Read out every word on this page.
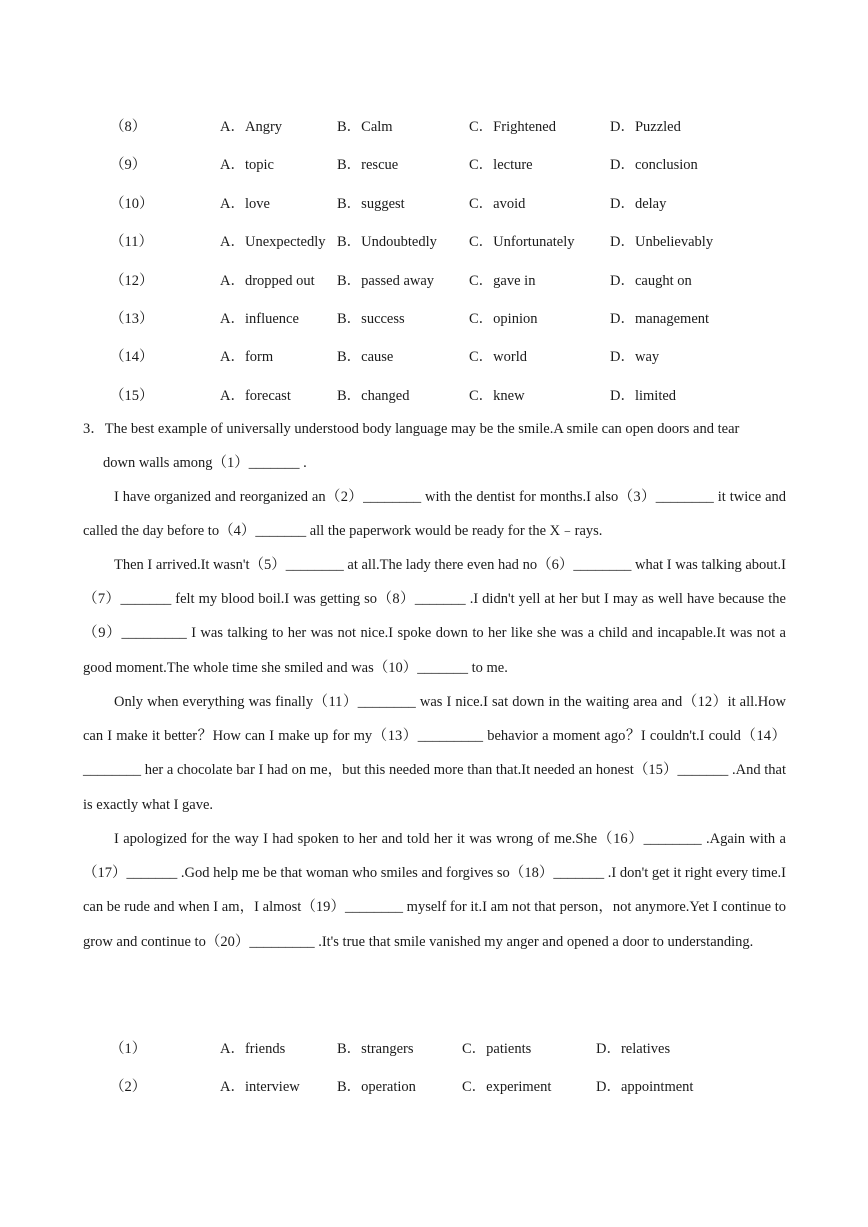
（8）	A．Angry	B．Calm	C．Frightened	D．Puzzled
（9）	A．topic	B．rescue	C．lecture	D．conclusion
（10）	A．love	B．suggest	C．avoid	D．delay
（11）	A．Unexpectedly B．Undoubtedly C．Unfortunately D．Unbelievably
（12）	A．dropped out B．passed away C．gave in	D．caught on
（13）	A．influence	B．success	C．opinion	D．management
（14）	A．form	B．cause	C．world	D．way
（15）	A．forecast	B．changed	C．knew	D．limited

3．The best example of universally understood body language may be the smile.A smile can open doors and tear
down walls among（1）_______ .

I have organized and reorganized an（2）________ with the dentist for months.I also（3）________ it twice and called the day before to（4）_______ all the paperwork would be ready for the X﹣rays.

Then I arrived.It wasn't（5）________ at all.The lady there even had no（6）________ what I was talking about.I（7）_______ felt my blood boil.I was getting so（8）_______ .I didn't yell at her but I may as well have because the（9）_________ I was talking to her was not nice.I spoke down to her like she was a child and incapable.It was not a good moment.The whole time she smiled and was（10）_______ to me.

Only when everything was finally（11）________ was I nice.I sat down in the waiting area and（12）it all.How can I make it better？How can I make up for my（13）_________ behavior a moment ago？I couldn't.I could（14）________ her a chocolate bar I had on me，but this needed more than that.It needed an honest（15）_______ .And that is exactly what I gave.

I apologized for the way I had spoken to her and told her it was wrong of me.She（16）________ .Again with a（17）_______ .God help me be that woman who smiles and forgives so（18）_______ .I don't get it right every time.I can be rude and when I am，I almost（19）________ myself for it.I am not that person，not anymore.Yet I continue to grow and continue to（20）_________ .It's true that smile vanished my anger and opened a door to understanding.

（1）	A．friends	B．strangers	C．patients	D．relatives
（2）	A．interview	B．operation	C．experiment	D．appointment
